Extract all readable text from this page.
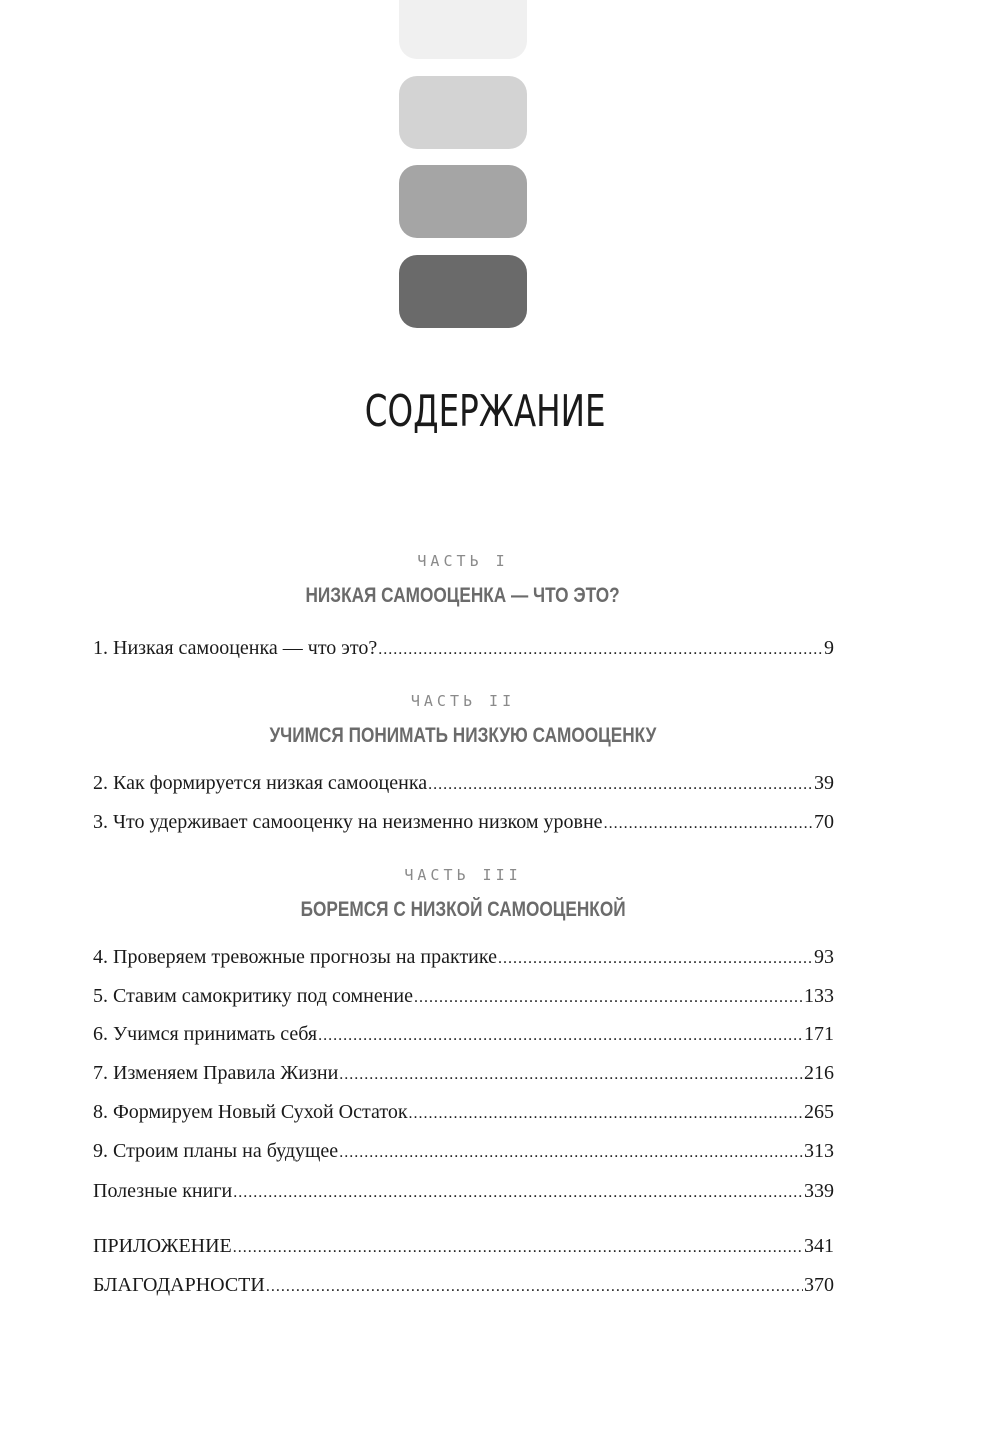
СОДЕРЖАНИЕ
ЧАСТЬ I
НИЗКАЯ САМООЦЕНКА — ЧТО ЭТО?
1. Низкая самооценка — что это? .....	9
ЧАСТЬ II
УЧИМСЯ ПОНИМАТЬ НИЗКУЮ САМООЦЕНКУ
2. Как формируется низкая самооценка .....	39
3. Что удерживает самооценку на неизменно низком уровне .....	70
ЧАСТЬ III
БОРЕМСЯ С НИЗКОЙ САМООЦЕНКОЙ
4. Проверяем тревожные прогнозы на практике .....	93
5. Ставим самокритику под сомнение .....	133
6. Учимся принимать себя .....	171
7. Изменяем Правила Жизни .....	216
8. Формируем Новый Сухой Остаток .....	265
9. Строим планы на будущее .....	313
Полезные книги .....	339
ПРИЛОЖЕНИЕ .....	341
БЛАГОДАРНОСТИ .....	370
